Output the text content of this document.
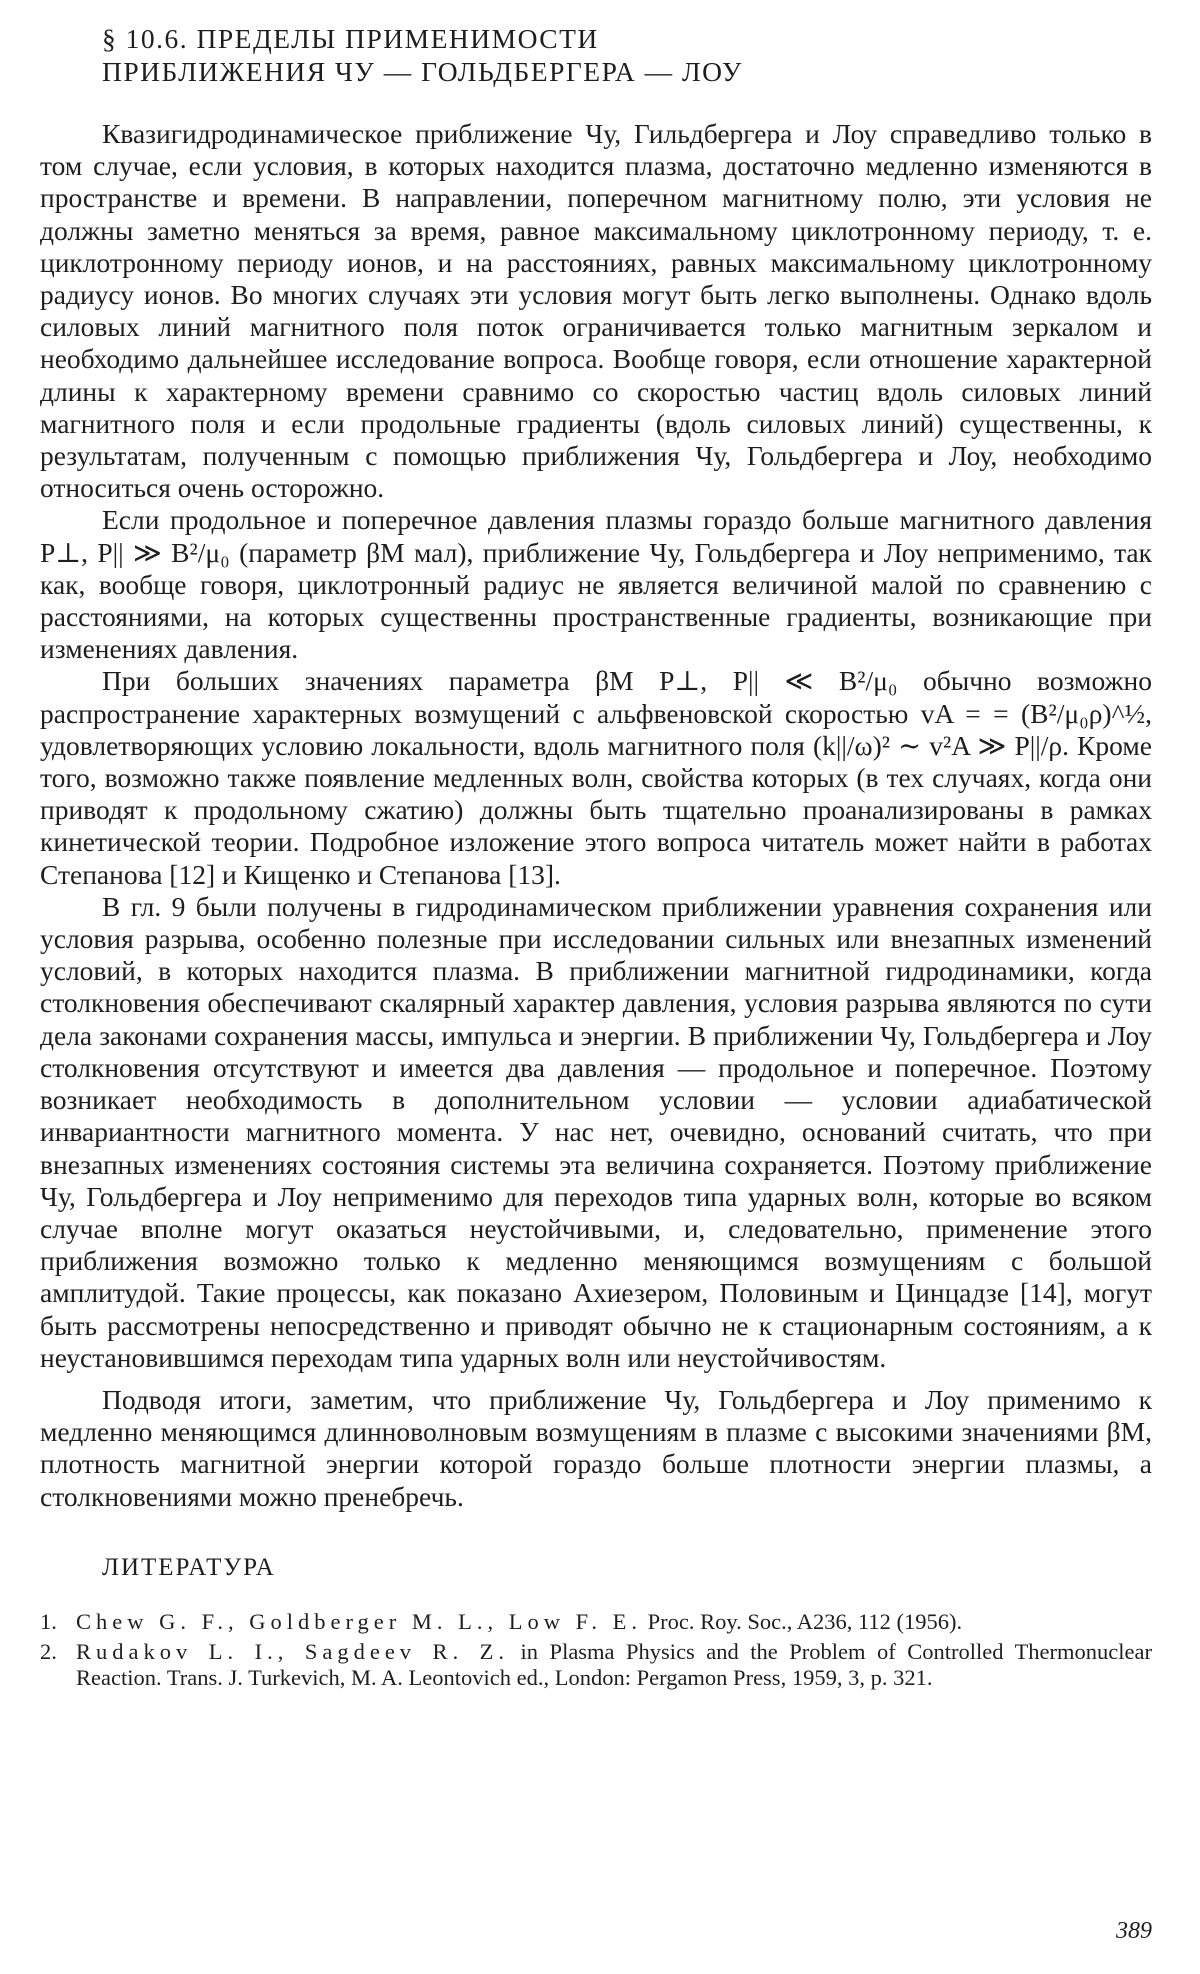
§ 10.6. ПРЕДЕЛЫ ПРИМЕНИМОСТИ
ПРИБЛИЖЕНИЯ ЧУ — ГОЛЬДБЕРГЕРА — ЛОУ

Квазигидродинамическое приближение Чу, Гильдбергера и Лоу справедливо только в том случае, если условия, в которых находится плазма, достаточно медленно изменяются в пространстве и времени. В направлении, поперечном магнитному полю, эти условия не должны заметно меняться за время, равное максимальному циклотронному периоду, т. е. циклотронному периоду ионов, и на расстояниях, равных максимальному циклотронному радиусу ионов. Во многих случаях эти условия могут быть легко выполнены. Однако вдоль силовых линий магнитного поля поток ограничивается только магнитным зеркалом и необходимо дальнейшее исследование вопроса. Вообще говоря, если отношение характерной длины к характерному времени сравнимо со скоростью частиц вдоль силовых линий магнитного поля и если продольные градиенты (вдоль силовых линий) существенны, к результатам, полученным с помощью приближения Чу, Гольдбергера и Лоу, необходимо относиться очень осторожно.

Если продольное и поперечное давления плазмы гораздо больше магнитного давления P⊥, P|| ≫ B²/μ₀ (параметр βM мал), приближение Чу, Гольдбергера и Лоу неприменимо, так как, вообще говоря, циклотронный радиус не является величиной малой по сравнению с расстояниями, на которых существенны пространственные градиенты, возникающие при изменениях давления.

При больших значениях параметра βM P⊥, P|| ≪ B²/μ₀ обычно возможно распространение характерных возмущений с альфвеновской скоростью vA = = (B²/μ₀ρ)^½, удовлетворяющих условию локальности, вдоль магнитного поля (k||/ω)² ∼ v²A ≫ P||/ρ. Кроме того, возможно также появление медленных волн, свойства которых (в тех случаях, когда они приводят к продольному сжатию) должны быть тщательно проанализированы в рамках кинетической теории. Подробное изложение этого вопроса читатель может найти в работах Степанова [12] и Кищенко и Степанова [13].

В гл. 9 были получены в гидродинамическом приближении уравнения сохранения или условия разрыва, особенно полезные при исследовании сильных или внезапных изменений условий, в которых находится плазма. В приближении магнитной гидродинамики, когда столкновения обеспечивают скалярный характер давления, условия разрыва являются по сути дела законами сохранения массы, импульса и энергии. В приближении Чу, Гольдбергера и Лоу столкновения отсутствуют и имеется два давления — продольное и поперечное. Поэтому возникает необходимость в дополнительном условии — условии адиабатической инвариантности магнитного момента. У нас нет, очевидно, оснований считать, что при внезапных изменениях состояния системы эта величина сохраняется. Поэтому приближение Чу, Гольдбергера и Лоу неприменимо для переходов типа ударных волн, которые во всяком случае вполне могут оказаться неустойчивыми, и, следовательно, применение этого приближения возможно только к медленно меняющимся возмущениям с большой амплитудой. Такие процессы, как показано Ахиезером, Половиным и Цинцадзе [14], могут быть рассмотрены непосредственно и приводят обычно не к стационарным состояниям, а к неустановившимся переходам типа ударных волн или неустойчивостям.

Подводя итоги, заметим, что приближение Чу, Гольдбергера и Лоу применимо к медленно меняющимся длинноволновым возмущениям в плазме с высокими значениями βM, плотность магнитной энергии которой гораздо больше плотности энергии плазмы, а столкновениями можно пренебречь.

ЛИТЕРАТУРА
1. Chew G. F., Goldberger M. L., Low F. E. Proc. Roy. Soc., A236, 112 (1956).
2. Rudakov L. I., Sagdeev R. Z. in Plasma Physics and the Problem of Controlled Thermonuclear Reaction. Trans. J. Turkevich, M. A. Leontovich ed., London: Pergamon Press, 1959, 3, p. 321.
389
